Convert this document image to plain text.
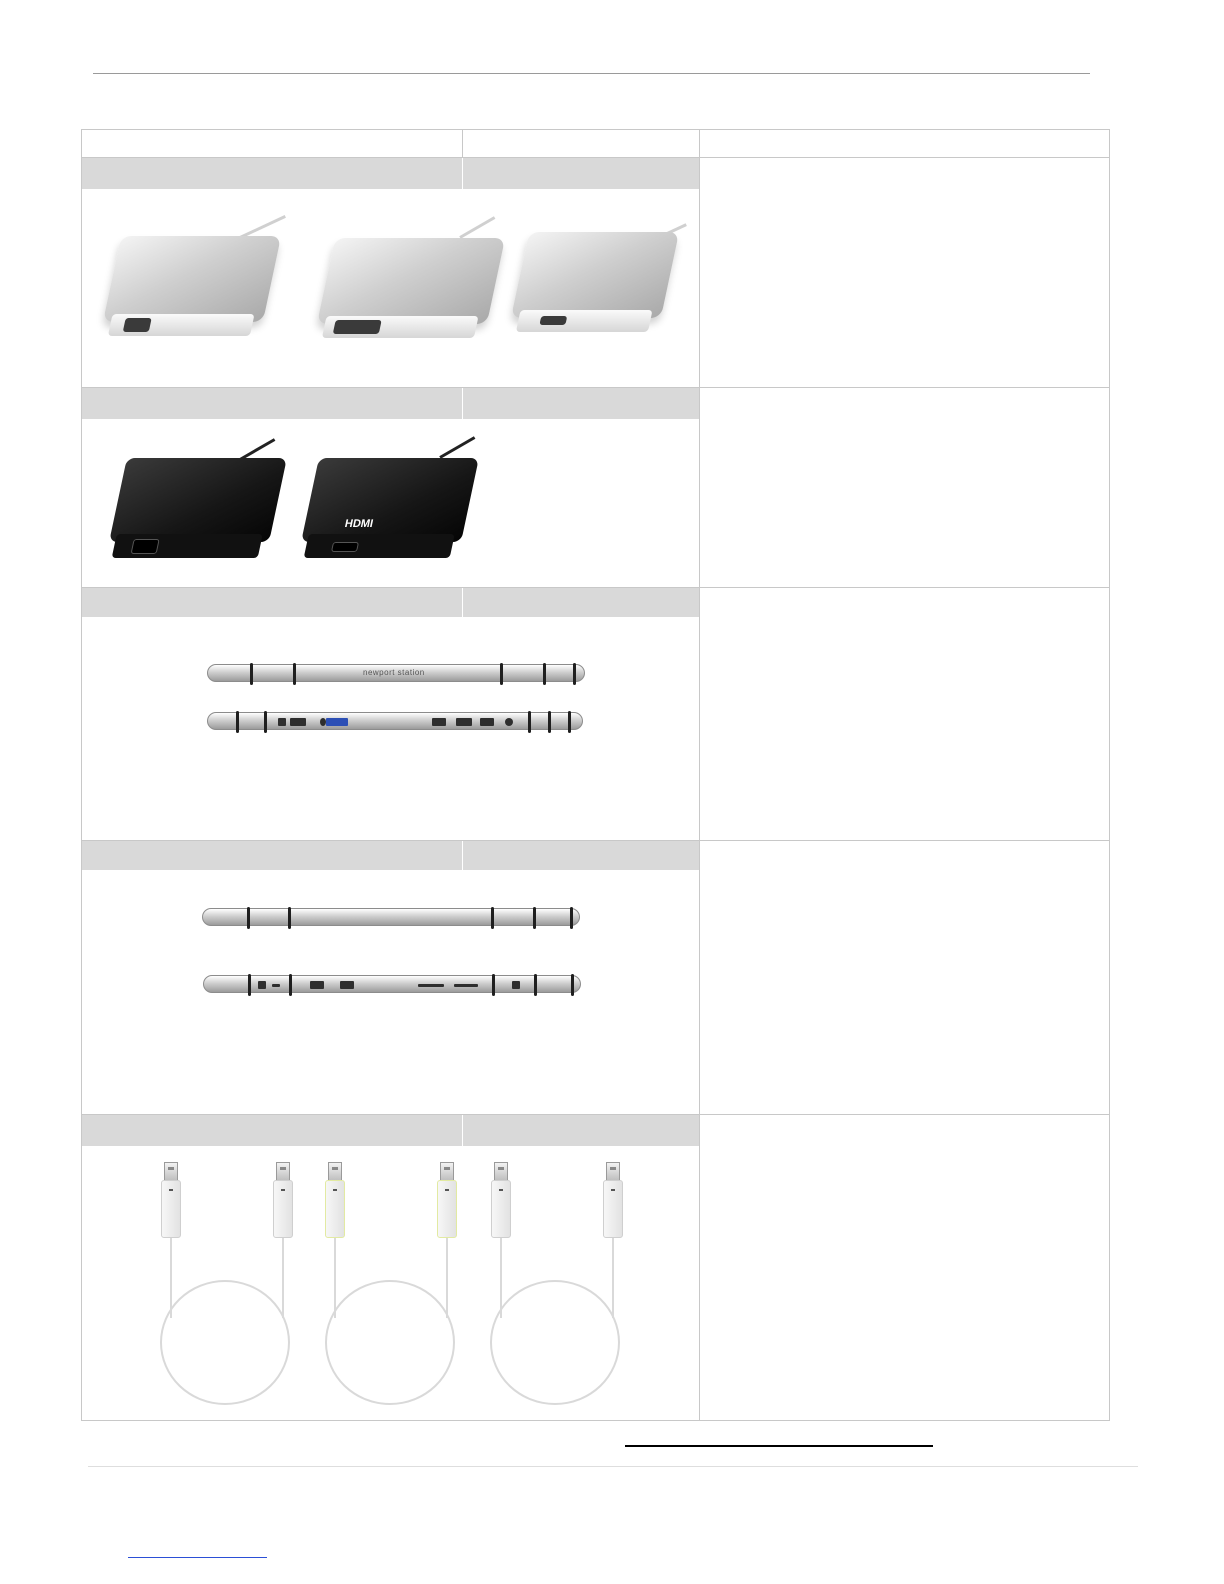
HDMI
newport station
